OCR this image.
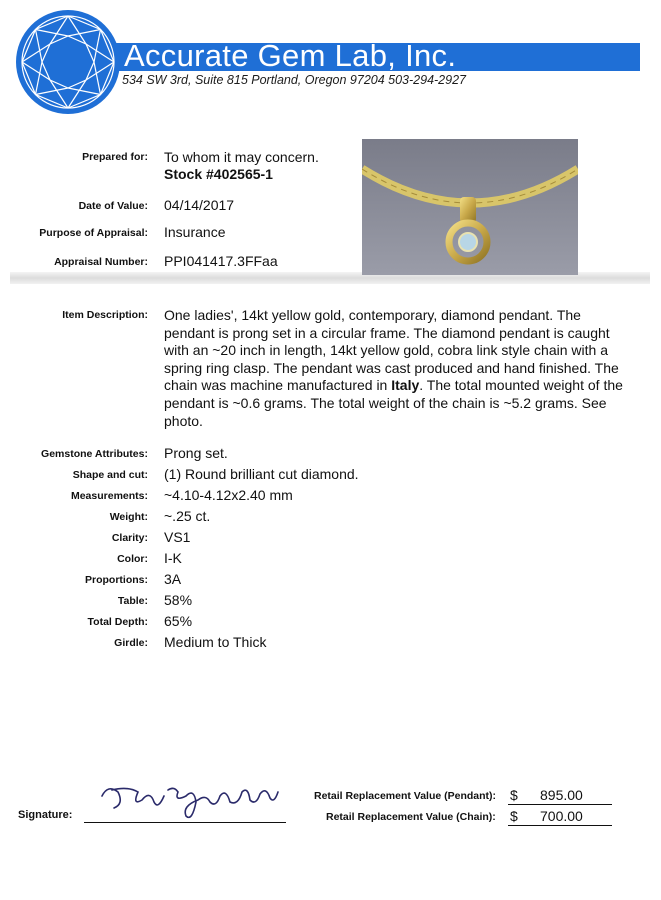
Accurate Gem Lab, Inc.
534 SW 3rd, Suite 815 Portland, Oregon 97204 503-294-2927
Prepared for: To whom it may concern.
Stock #402565-1
Date of Value: 04/14/2017
Purpose of Appraisal: Insurance
Appraisal Number: PPI041417.3FFaa
Item Description: One ladies', 14kt yellow gold, contemporary, diamond pendant. The pendant is prong set in a circular frame. The diamond pendant is caught with an ~20 inch in length, 14kt yellow gold, cobra link style chain with a spring ring clasp. The pendant was cast produced and hand finished. The chain was machine manufactured in Italy. The total mounted weight of the pendant is ~0.6 grams. The total weight of the chain is ~5.2 grams. See photo.
Gemstone Attributes: Prong set.
Shape and cut: (1) Round brilliant cut diamond.
Measurements: ~4.10-4.12x2.40 mm
Weight: ~.25 ct.
Clarity: VS1
Color: I-K
Proportions: 3A
Table: 58%
Total Depth: 65%
Girdle: Medium to Thick
Signature:
Retail Replacement Value (Pendant): $ 895.00
Retail Replacement Value (Chain): $ 700.00
